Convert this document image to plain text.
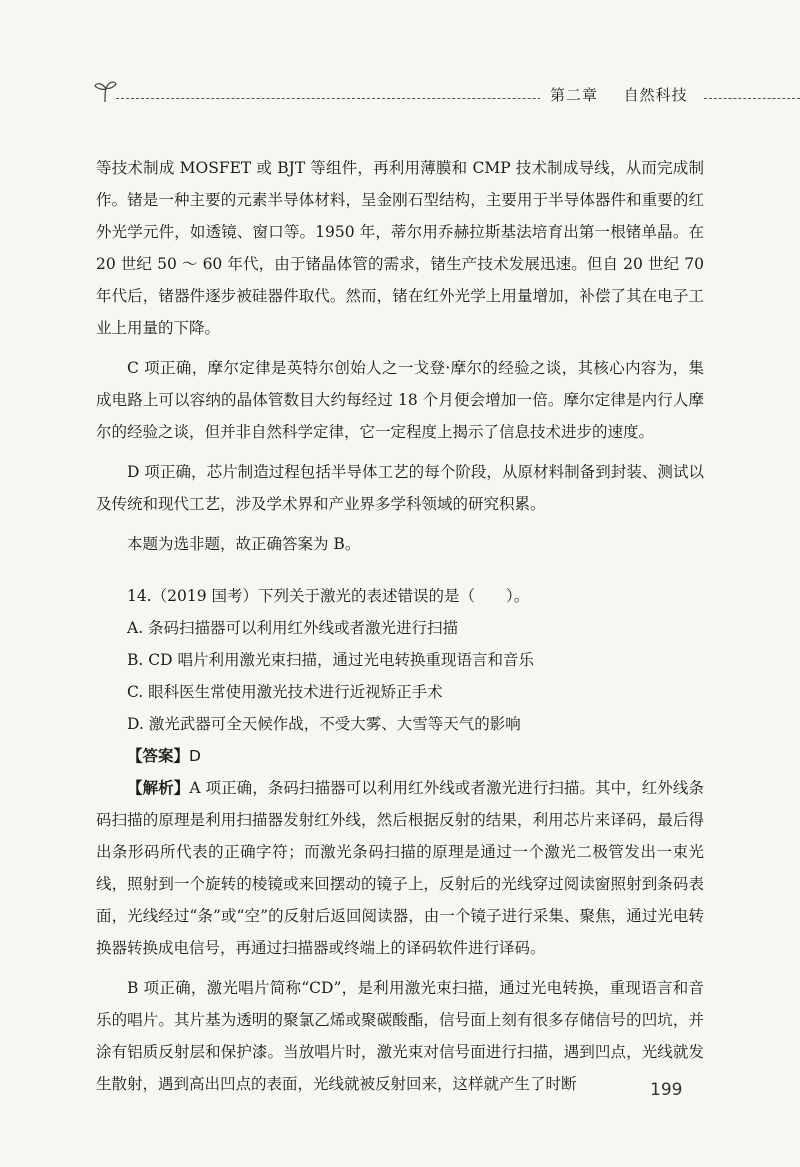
第二章 自然科技

等技术制成 MOSFET 或 BJT 等组件，再利用薄膜和 CMP 技术制成导线，从而完成制作。锗是一种主要的元素半导体材料，呈金刚石型结构，主要用于半导体器件和重要的红外光学元件，如透镜、窗口等。1950 年，蒂尔用乔赫拉斯基法培育出第一根锗单晶。在 20 世纪 50 ～ 60 年代，由于锗晶体管的需求，锗生产技术发展迅速。但自 20 世纪 70 年代后，锗器件逐步被硅器件取代。然而，锗在红外光学上用量增加，补偿了其在电子工业上用量的下降。

C 项正确，摩尔定律是英特尔创始人之一戈登·摩尔的经验之谈，其核心内容为，集成电路上可以容纳的晶体管数目大约每经过 18 个月便会增加一倍。摩尔定律是内行人摩尔的经验之谈，但并非自然科学定律，它一定程度上揭示了信息技术进步的速度。

D 项正确，芯片制造过程包括半导体工艺的每个阶段，从原材料制备到封装、测试以及传统和现代工艺，涉及学术界和产业界多学科领域的研究积累。

本题为选非题，故正确答案为 B。

14.（2019 国考）下列关于激光的表述错误的是（　　）。

A. 条码扫描器可以利用红外线或者激光进行扫描

B. CD 唱片利用激光束扫描，通过光电转换重现语言和音乐

C. 眼科医生常使用激光技术进行近视矫正手术

D. 激光武器可全天候作战，不受大雾、大雪等天气的影响

【答案】D

【解析】A 项正确，条码扫描器可以利用红外线或者激光进行扫描。其中，红外线条码扫描的原理是利用扫描器发射红外线，然后根据反射的结果，利用芯片来译码，最后得出条形码所代表的正确字符；而激光条码扫描的原理是通过一个激光二极管发出一束光线，照射到一个旋转的棱镜或来回摆动的镜子上，反射后的光线穿过阅读窗照射到条码表面，光线经过“条”或“空”的反射后返回阅读器，由一个镜子进行采集、聚焦，通过光电转换器转换成电信号，再通过扫描器或终端上的译码软件进行译码。

B 项正确，激光唱片简称“CD”，是利用激光束扫描，通过光电转换，重现语言和音乐的唱片。其片基为透明的聚氯乙烯或聚碳酸酯，信号面上刻有很多存储信号的凹坑，并涂有铝质反射层和保护漆。当放唱片时，激光束对信号面进行扫描，遇到凹点，光线就发生散射，遇到高出凹点的表面，光线就被反射回来，这样就产生了时断	199
